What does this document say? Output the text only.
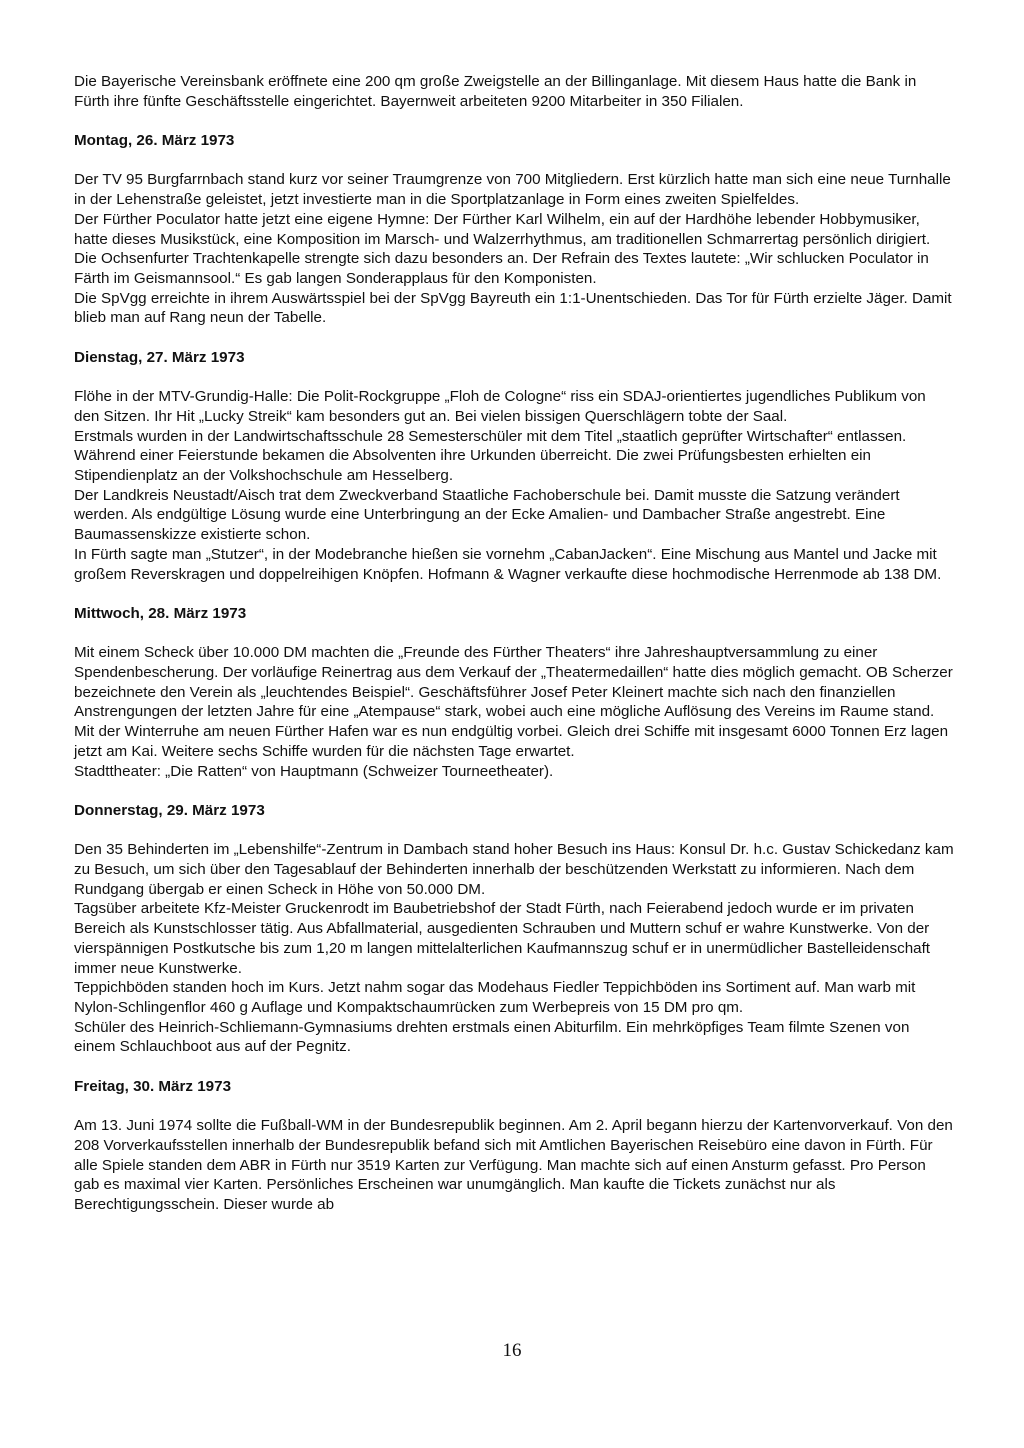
Die Bayerische Vereinsbank eröffnete eine 200 qm große Zweigstelle an der Billinganlage. Mit diesem Haus hatte die Bank in Fürth ihre fünfte Geschäftsstelle eingerichtet. Bayernweit arbeiteten 9200 Mitarbeiter in 350 Filialen.

Montag, 26. März 1973

Der TV 95 Burgfarrnbach stand kurz vor seiner Traumgrenze von 700 Mitgliedern. Erst kürzlich hatte man sich eine neue Turnhalle in der Lehenstraße geleistet, jetzt investierte man in die Sportplatzanlage in Form eines zweiten Spielfeldes.

Der Fürther Poculator hatte jetzt eine eigene Hymne: Der Fürther Karl Wilhelm, ein auf der Hardhöhe lebender Hobbymusiker, hatte dieses Musikstück, eine Komposition im Marsch- und Walzerrhythmus, am traditionellen Schmarrertag persönlich dirigiert. Die Ochsenfurter Trachtenkapelle strengte sich dazu besonders an. Der Refrain des Textes lautete: „Wir schlucken Poculator in Färth im Geismannsool.“ Es gab langen Sonderapplaus für den Komponisten.

Die SpVgg erreichte in ihrem Auswärtsspiel bei der SpVgg Bayreuth ein 1:1-Unentschieden. Das Tor für Fürth erzielte Jäger. Damit blieb man auf Rang neun der Tabelle.

Dienstag, 27. März 1973

Flöhe in der MTV-Grundig-Halle: Die Polit-Rockgruppe „Floh de Cologne“ riss ein SDAJ-orientiertes jugendliches Publikum von den Sitzen. Ihr Hit „Lucky Streik“ kam besonders gut an. Bei vielen bissigen Querschlägern tobte der Saal.

Erstmals wurden in der Landwirtschaftsschule 28 Semesterschüler mit dem Titel „staatlich geprüfter Wirtschafter“ entlassen. Während einer Feierstunde bekamen die Absolventen ihre Urkunden überreicht. Die zwei Prüfungsbesten erhielten ein Stipendienplatz an der Volkshochschule am Hesselberg.

Der Landkreis Neustadt/Aisch trat dem Zweckverband Staatliche Fachoberschule bei. Damit musste die Satzung verändert werden. Als endgültige Lösung wurde eine Unterbringung an der Ecke Amalien- und Dambacher Straße angestrebt. Eine Baumassenskizze existierte schon.

In Fürth sagte man „Stutzer“, in der Modebranche hießen sie vornehm „CabanJacken“. Eine Mischung aus Mantel und Jacke mit großem Reverskragen und doppelreihigen Knöpfen. Hofmann & Wagner verkaufte diese hochmodische Herrenmode ab 138 DM.

Mittwoch, 28. März 1973

Mit einem Scheck über 10.000 DM machten die „Freunde des Fürther Theaters“ ihre Jahreshauptversammlung zu einer Spendenbescherung. Der vorläufige Reinertrag aus dem Verkauf der „Theatermedaillen“ hatte dies möglich gemacht. OB Scherzer bezeichnete den Verein als „leuchtendes Beispiel“. Geschäftsführer Josef Peter Kleinert machte sich nach den finanziellen Anstrengungen der letzten Jahre für eine „Atempause“ stark, wobei auch eine mögliche Auflösung des Vereins im Raume stand.

Mit der Winterruhe am neuen Fürther Hafen war es nun endgültig vorbei. Gleich drei Schiffe mit insgesamt 6000 Tonnen Erz lagen jetzt am Kai. Weitere sechs Schiffe wurden für die nächsten Tage erwartet.

Stadttheater: „Die Ratten“ von Hauptmann (Schweizer Tourneetheater).

Donnerstag, 29. März 1973

Den 35 Behinderten im „Lebenshilfe“-Zentrum in Dambach stand hoher Besuch ins Haus: Konsul Dr. h.c. Gustav Schickedanz kam zu Besuch, um sich über den Tagesablauf der Behinderten innerhalb der beschützenden Werkstatt zu informieren. Nach dem Rundgang übergab er einen Scheck in Höhe von 50.000 DM.

Tagsüber arbeitete Kfz-Meister Gruckenrodt im Baubetriebshof der Stadt Fürth, nach Feierabend jedoch wurde er im privaten Bereich als Kunstschlosser tätig. Aus Abfallmaterial, ausgedienten Schrauben und Muttern schuf er wahre Kunstwerke. Von der vierspännigen Postkutsche bis zum 1,20 m langen mittelalterlichen Kaufmannszug schuf er in unermüdlicher Bastelleidenschaft immer neue Kunstwerke.

Teppichböden standen hoch im Kurs. Jetzt nahm sogar das Modehaus Fiedler Teppichböden ins Sortiment auf. Man warb mit Nylon-Schlingenflor 460 g Auflage und Kompaktschaumrücken zum Werbepreis von 15 DM pro qm.

Schüler des Heinrich-Schliemann-Gymnasiums drehten erstmals einen Abiturfilm. Ein mehrköpfiges Team filmte Szenen von einem Schlauchboot aus auf der Pegnitz.

Freitag, 30. März 1973

Am 13. Juni 1974 sollte die Fußball-WM in der Bundesrepublik beginnen. Am 2. April begann hierzu der Kartenvorverkauf. Von den 208 Vorverkaufsstellen innerhalb der Bundesrepublik befand sich mit Amtlichen Bayerischen Reisebüro eine davon in Fürth. Für alle Spiele standen dem ABR in Fürth nur 3519 Karten zur Verfügung. Man machte sich auf einen Ansturm gefasst. Pro Person gab es maximal vier Karten. Persönliches Erscheinen war unumgänglich. Man kaufte die Tickets zunächst nur als Berechtigungsschein. Dieser wurde ab

16
